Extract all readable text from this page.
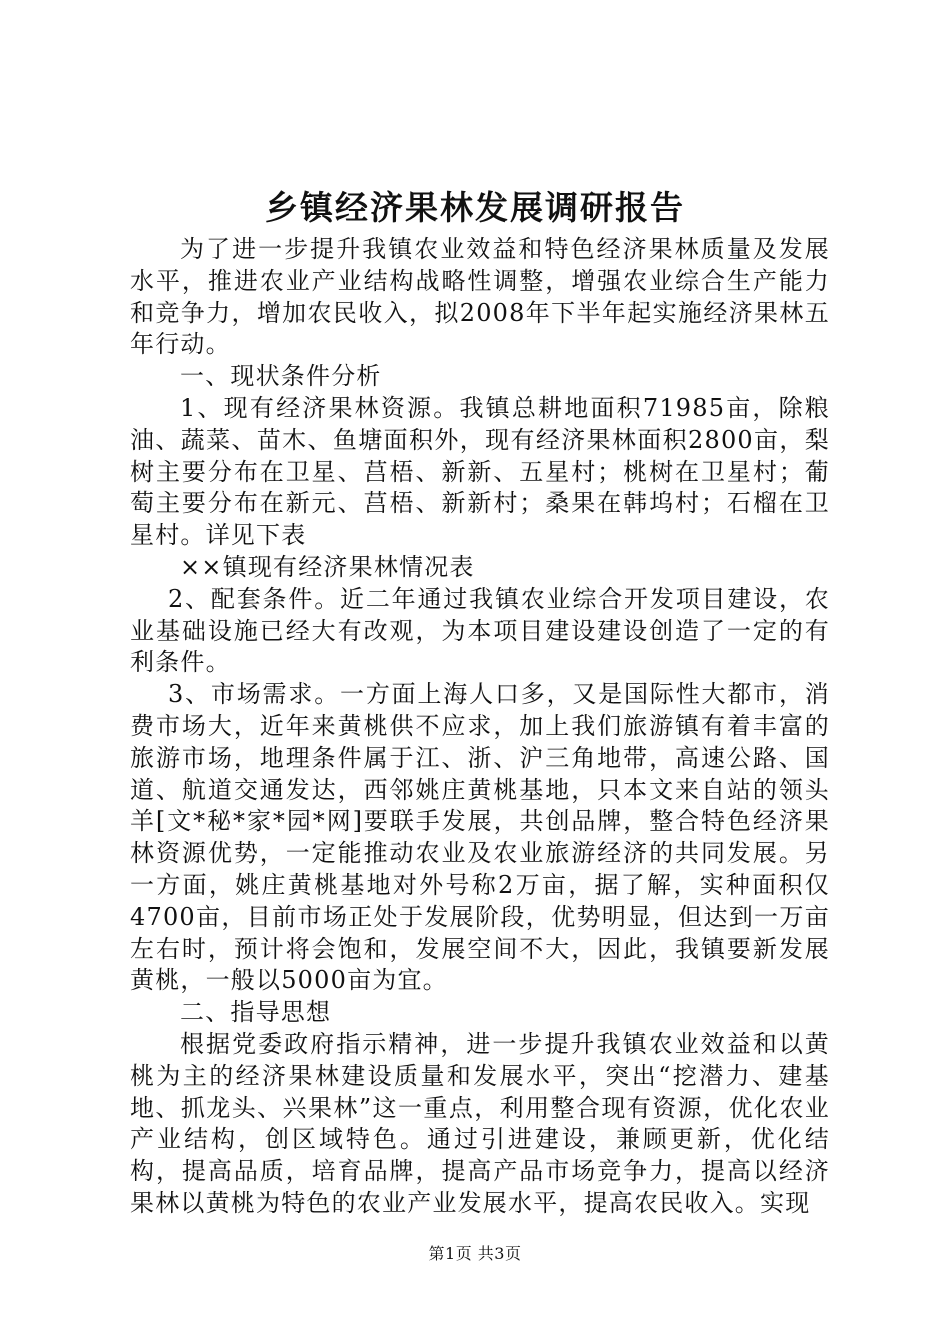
乡镇经济果林发展调研报告

为了进一步提升我镇农业效益和特色经济果林质量及发展水平，推进农业产业结构战略性调整，增强农业综合生产能力和竞争力，增加农民收入，拟2008年下半年起实施经济果林五年行动。

一、现状条件分析

1、现有经济果林资源。我镇总耕地面积71985亩，除粮油、蔬菜、苗木、鱼塘面积外，现有经济果林面积2800亩，梨树主要分布在卫星、莒梧、新新、五星村；桃树在卫星村；葡萄主要分布在新元、莒梧、新新村；桑果在韩坞村；石榴在卫星村。详见下表

××镇现有经济果林情况表

2、配套条件。近二年通过我镇农业综合开发项目建设，农业基础设施已经大有改观，为本项目建设建设创造了一定的有利条件。

3、市场需求。一方面上海人口多，又是国际性大都市，消费市场大，近年来黄桃供不应求，加上我们旅游镇有着丰富的旅游市场，地理条件属于江、浙、沪三角地带，高速公路、国道、航道交通发达，西邻姚庄黄桃基地，只本文来自站的领头羊[文*秘*家*园*网]要联手发展，共创品牌，整合特色经济果林资源优势，一定能推动农业及农业旅游经济的共同发展。另一方面，姚庄黄桃基地对外号称2万亩，据了解，实种面积仅4700亩，目前市场正处于发展阶段，优势明显，但达到一万亩左右时，预计将会饱和，发展空间不大，因此，我镇要新发展黄桃，一般以5000亩为宜。

二、指导思想

根据党委政府指示精神，进一步提升我镇农业效益和以黄桃为主的经济果林建设质量和发展水平，突出“挖潜力、建基地、抓龙头、兴果林”这一重点，利用整合现有资源，优化农业产业结构，创区域特色。通过引进建设，兼顾更新，优化结构，提高品质，培育品牌，提高产品市场竞争力，提高以经济果林以黄桃为特色的农业产业发展水平，提高农民收入。实现

第1页 共3页
